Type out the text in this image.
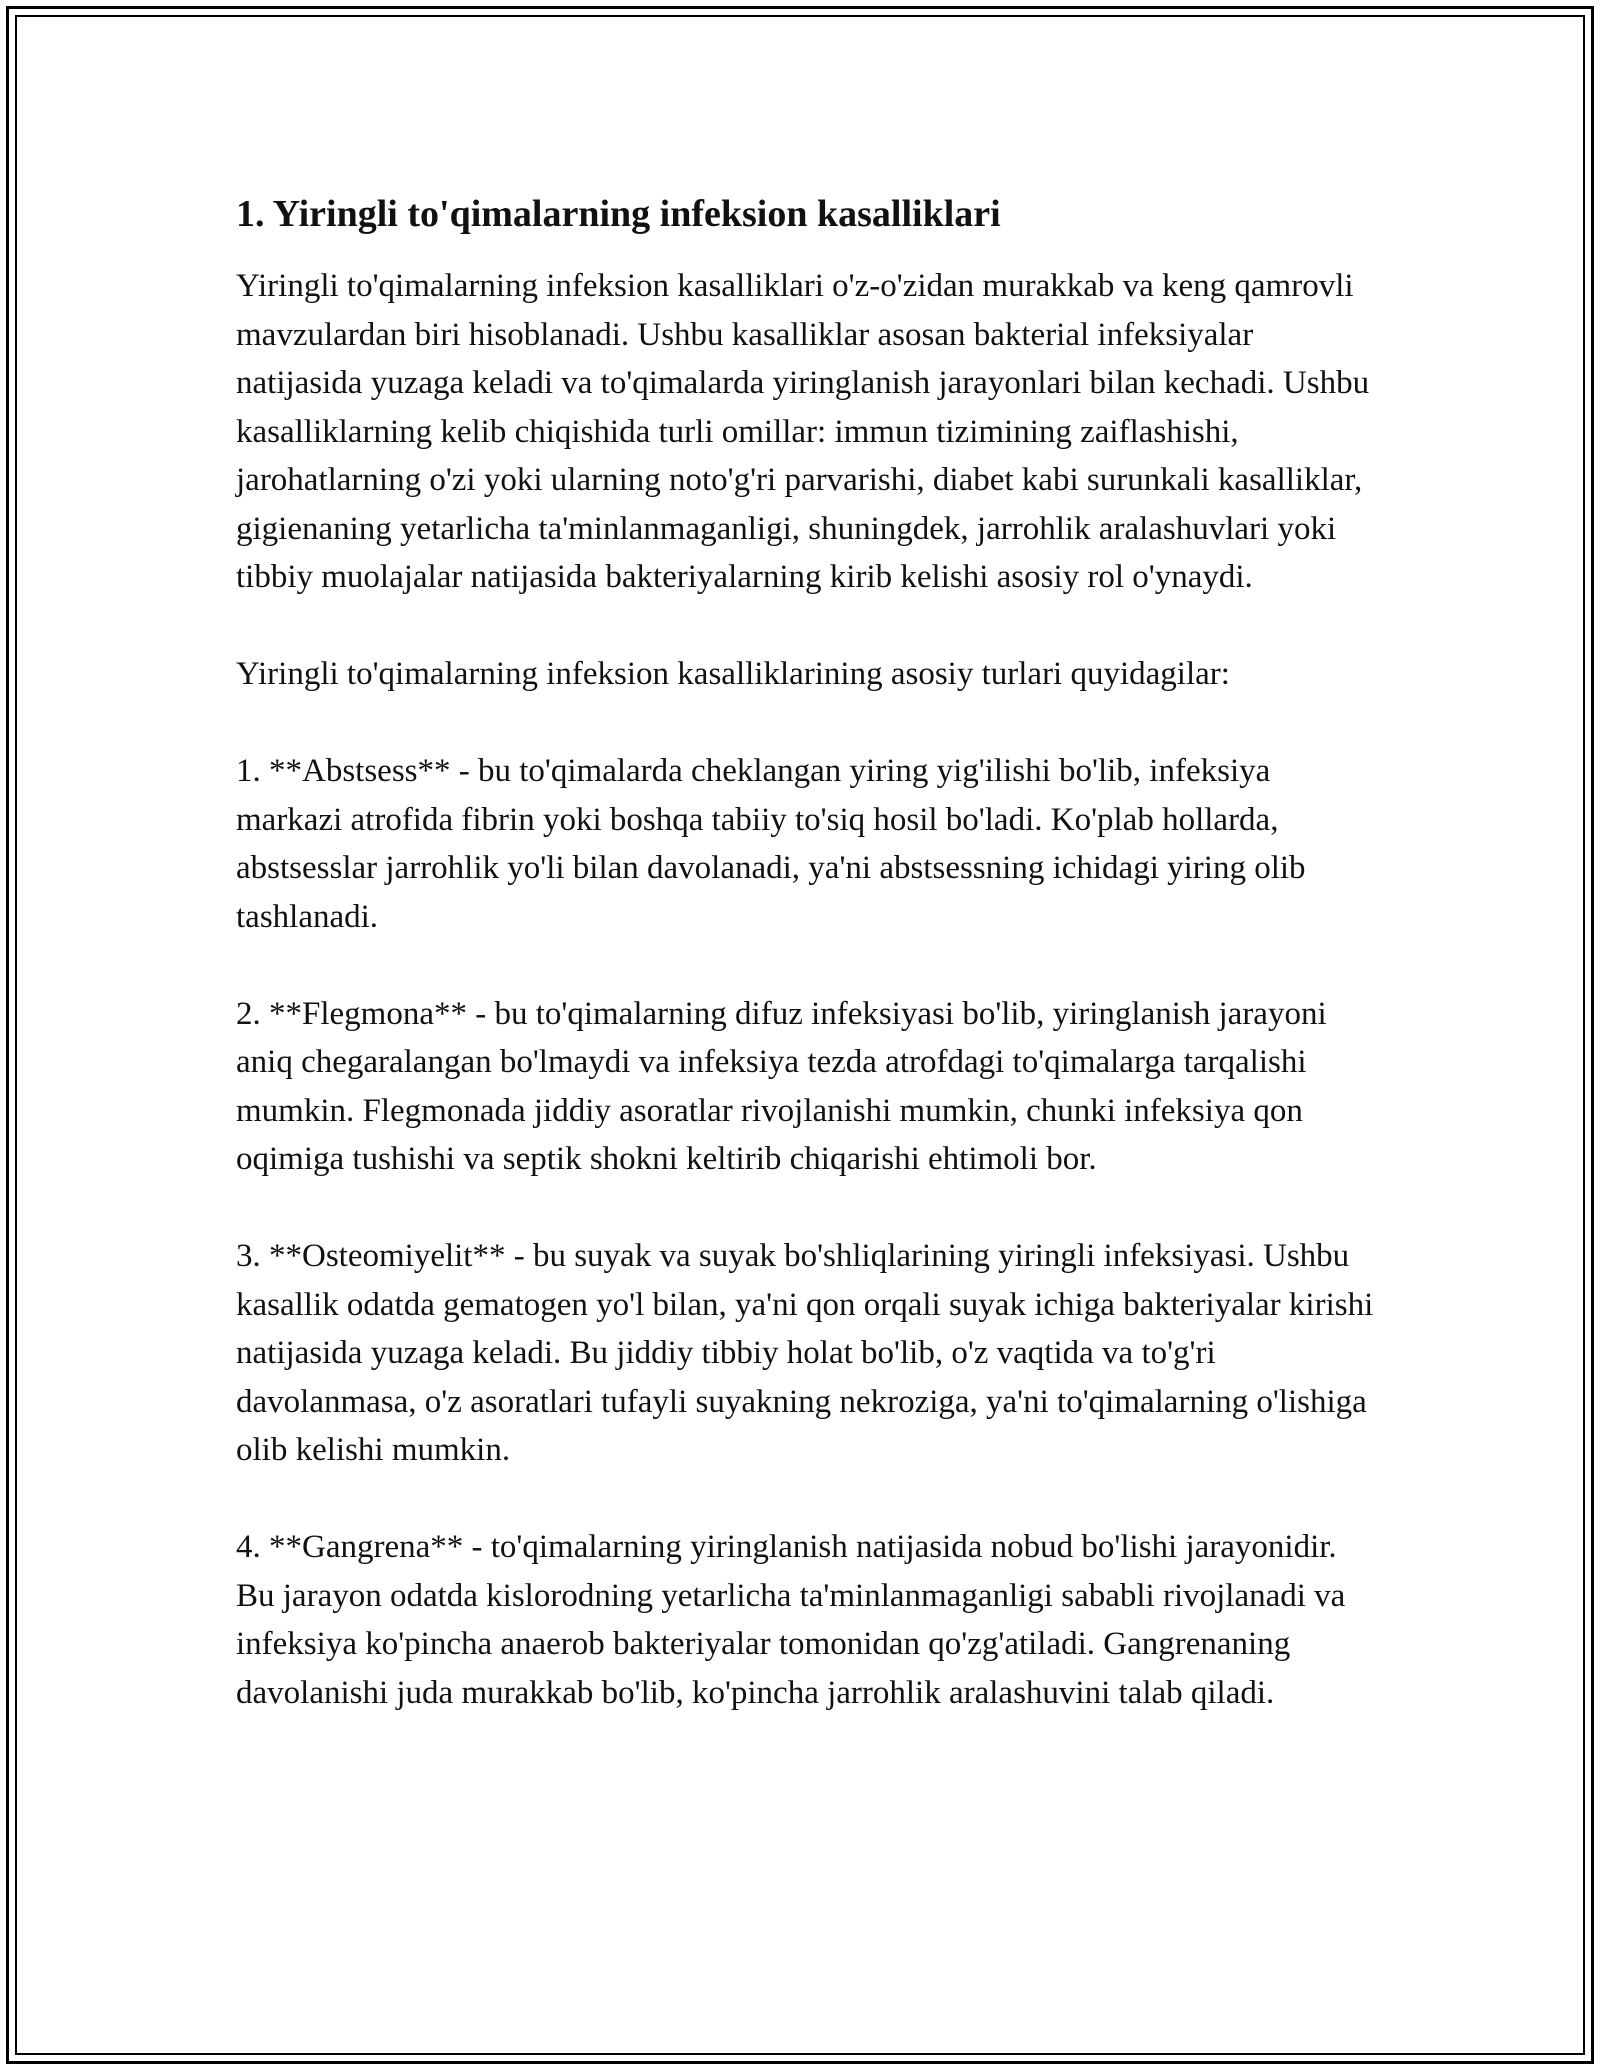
1. Yiringli to'qimalarning infeksion kasalliklari

Yiringli to'qimalarning infeksion kasalliklari o'z-o'zidan murakkab va keng qamrovli mavzulardan biri hisoblanadi. Ushbu kasalliklar asosan bakterial infeksiyalar natijasida yuzaga keladi va to'qimalarda yiringlanish jarayonlari bilan kechadi. Ushbu kasalliklarning kelib chiqishida turli omillar: immun tizimining zaiflashishi, jarohatlarning o'zi yoki ularning noto'g'ri parvarishi, diabet kabi surunkali kasalliklar, gigienaning yetarlicha ta'minlanmaganligi, shuningdek, jarrohlik aralashuvlari yoki tibbiy muolajalar natijasida bakteriyalarning kirib kelishi asosiy rol o'ynaydi.

Yiringli to'qimalarning infeksion kasalliklarining asosiy turlari quyidagilar:

1. **Abstsess** - bu to'qimalarda cheklangan yiring yig'ilishi bo'lib, infeksiya markazi atrofida fibrin yoki boshqa tabiiy to'siq hosil bo'ladi. Ko'plab hollarda, abstsesslar jarrohlik yo'li bilan davolanadi, ya'ni abstsessning ichidagi yiring olib tashlanadi.

2. **Flegmona** - bu to'qimalarning difuz infeksiyasi bo'lib, yiringlanish jarayoni aniq chegaralangan bo'lmaydi va infeksiya tezda atrofdagi to'qimalarga tarqalishi mumkin. Flegmonada jiddiy asoratlar rivojlanishi mumkin, chunki infeksiya qon oqimiga tushishi va septik shokni keltirib chiqarishi ehtimoli bor.

3. **Osteomiyelit** - bu suyak va suyak bo'shliqlarining yiringli infeksiyasi. Ushbu kasallik odatda gematogen yo'l bilan, ya'ni qon orqali suyak ichiga bakteriyalar kirishi natijasida yuzaga keladi. Bu jiddiy tibbiy holat bo'lib, o'z vaqtida va to'g'ri davolanmasa, o'z asoratlari tufayli suyakning nekroziga, ya'ni to'qimalarning o'lishiga olib kelishi mumkin.

4. **Gangrena** - to'qimalarning yiringlanish natijasida nobud bo'lishi jarayonidir. Bu jarayon odatda kislorodning yetarlicha ta'minlanmaganligi sababli rivojlanadi va infeksiya ko'pincha anaerob bakteriyalar tomonidan qo'zg'atiladi. Gangrenaning davolanishi juda murakkab bo'lib, ko'pincha jarrohlik aralashuvini talab qiladi.
